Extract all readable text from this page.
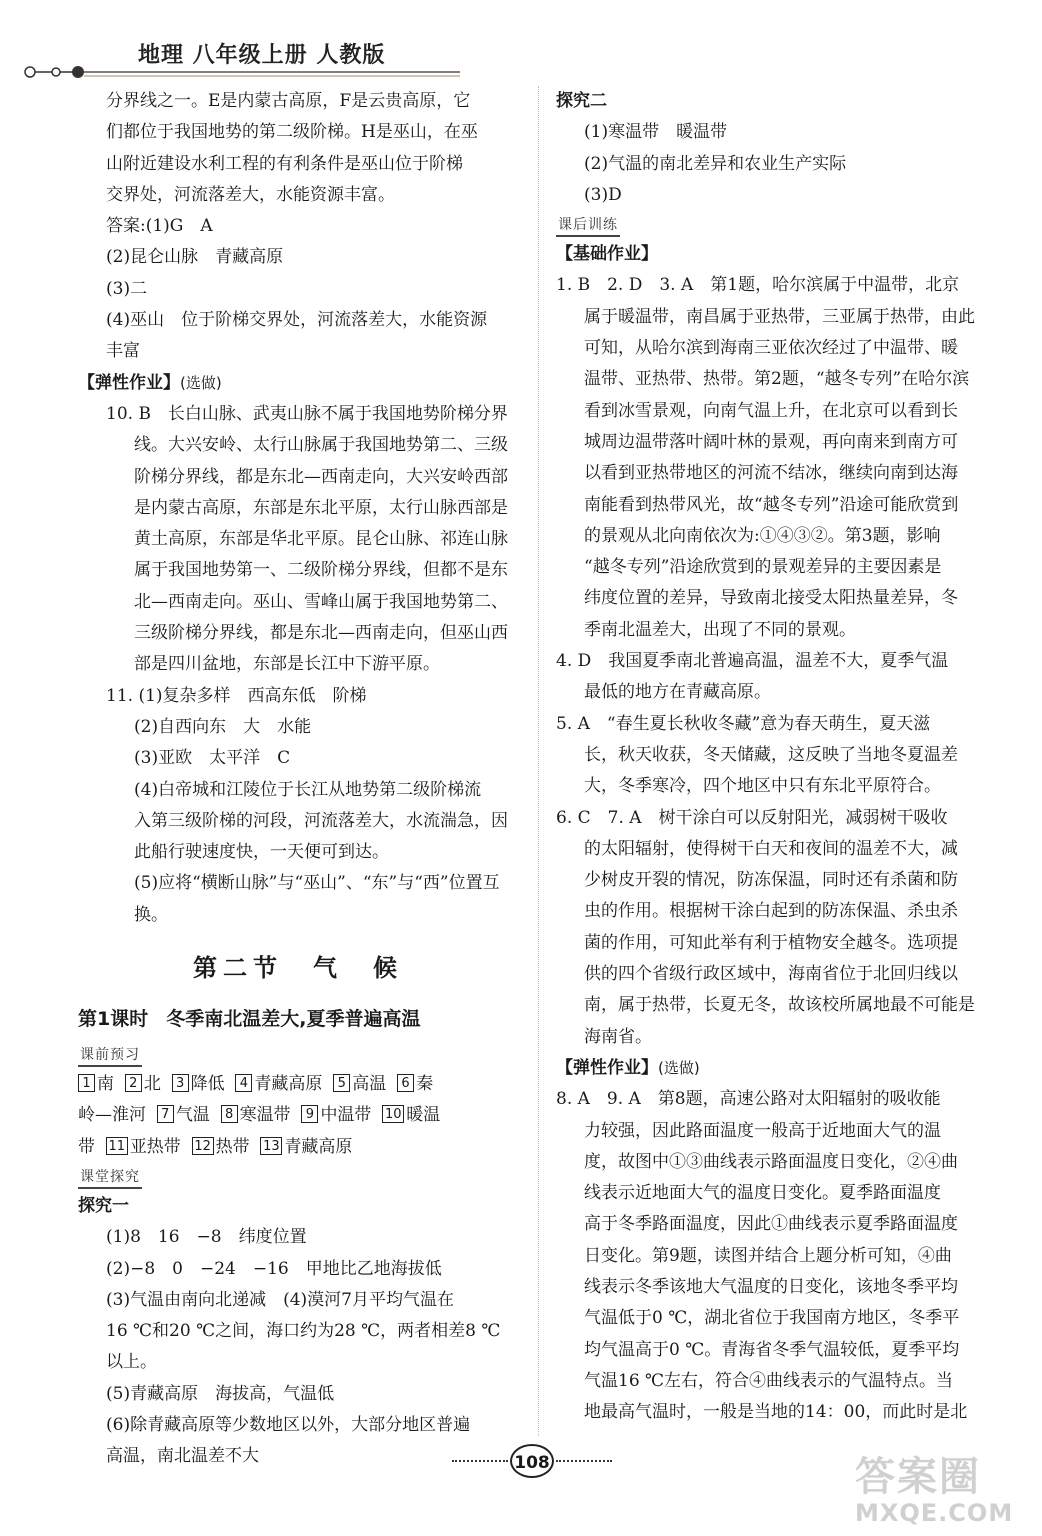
地理 八年级上册 人教版

分界线之一。E是内蒙古高原，F是云贵高原，它

们都位于我国地势的第二级阶梯。H是巫山，在巫

山附近建设水利工程的有利条件是巫山位于阶梯

交界处，河流落差大，水能资源丰富。

答案:(1)G　A

(2)昆仑山脉　青藏高原

(3)二

(4)巫山　位于阶梯交界处，河流落差大，水能资源

丰富

【弹性作业】(选做)

10. B　长白山脉、武夷山脉不属于我国地势阶梯分界

线。大兴安岭、太行山脉属于我国地势第二、三级

阶梯分界线，都是东北—西南走向，大兴安岭西部

是内蒙古高原，东部是东北平原，太行山脉西部是

黄土高原，东部是华北平原。昆仑山脉、祁连山脉

属于我国地势第一、二级阶梯分界线，但都不是东

北—西南走向。巫山、雪峰山属于我国地势第二、

三级阶梯分界线，都是东北—西南走向，但巫山西

部是四川盆地，东部是长江中下游平原。

11. (1)复杂多样　西高东低　阶梯

(2)自西向东　大　水能

(3)亚欧　太平洋　C

(4)白帝城和江陵位于长江从地势第二级阶梯流

入第三级阶梯的河段，河流落差大，水流湍急，因

此船行驶速度快，一天便可到达。

(5)应将“横断山脉”与“巫山”、“东”与“西”位置互换。

第二节　气　候
第1课时 冬季南北温差大,夏季普遍高温
课前预习

1 南 2 北 3 降低 4 青藏高原 5 高温 6 秦

岭—淮河 7 气温 8 寒温带 9 中温带 10 暖温

带 11 亚热带 12 热带 13 青藏高原

课堂探究

探究一

(1)8　16　−8　纬度位置

(2)−8　0　−24　−16　甲地比乙地海拔低

(3)气温由南向北递减　(4)漠河7月平均气温在

16 ℃和20 ℃之间，海口约为28 ℃，两者相差8 ℃

以上。

(5)青藏高原　海拔高，气温低

(6)除青藏高原等少数地区以外，大部分地区普遍

高温，南北温差不大

探究二

(1)寒温带　暖温带

(2)气温的南北差异和农业生产实际

(3)D

课后训练

【基础作业】

1. B　2. D　3. A　第1题，哈尔滨属于中温带，北京

属于暖温带，南昌属于亚热带，三亚属于热带，由此

可知，从哈尔滨到海南三亚依次经过了中温带、暖

温带、亚热带、热带。第2题，“越冬专列”在哈尔滨

看到冰雪景观，向南气温上升，在北京可以看到长

城周边温带落叶阔叶林的景观，再向南来到南方可

以看到亚热带地区的河流不结冰，继续向南到达海

南能看到热带风光，故“越冬专列”沿途可能欣赏到

的景观从北向南依次为:①④③②。第3题，影响

“越冬专列”沿途欣赏到的景观差异的主要因素是

纬度位置的差异，导致南北接受太阳热量差异，冬

季南北温差大，出现了不同的景观。

4. D　我国夏季南北普遍高温，温差不大，夏季气温

最低的地方在青藏高原。

5. A　“春生夏长秋收冬藏”意为春天萌生，夏天滋

长，秋天收获，冬天储藏，这反映了当地冬夏温差

大，冬季寒冷，四个地区中只有东北平原符合。

6. C　7. A　树干涂白可以反射阳光，减弱树干吸收

的太阳辐射，使得树干白天和夜间的温差不大，减

少树皮开裂的情况，防冻保温，同时还有杀菌和防

虫的作用。根据树干涂白起到的防冻保温、杀虫杀

菌的作用，可知此举有利于植物安全越冬。选项提

供的四个省级行政区域中，海南省位于北回归线以

南，属于热带，长夏无冬，故该校所属地最不可能是

海南省。

【弹性作业】(选做)

8. A　9. A　第8题，高速公路对太阳辐射的吸收能

力较强，因此路面温度一般高于近地面大气的温

度，故图中①③曲线表示路面温度日变化，②④曲

线表示近地面大气的温度日变化。夏季路面温度

高于冬季路面温度，因此①曲线表示夏季路面温度

日变化。第9题，读图并结合上题分析可知，④曲

线表示冬季该地大气温度的日变化，该地冬季平均

气温低于0 ℃，湖北省位于我国南方地区，冬季平

均气温高于0 ℃。青海省冬季气温较低，夏季平均

气温16 ℃左右，符合④曲线表示的气温特点。当

地最高气温时，一般是当地的14：00，而此时是北

108	答案圈
MXQE.COM
